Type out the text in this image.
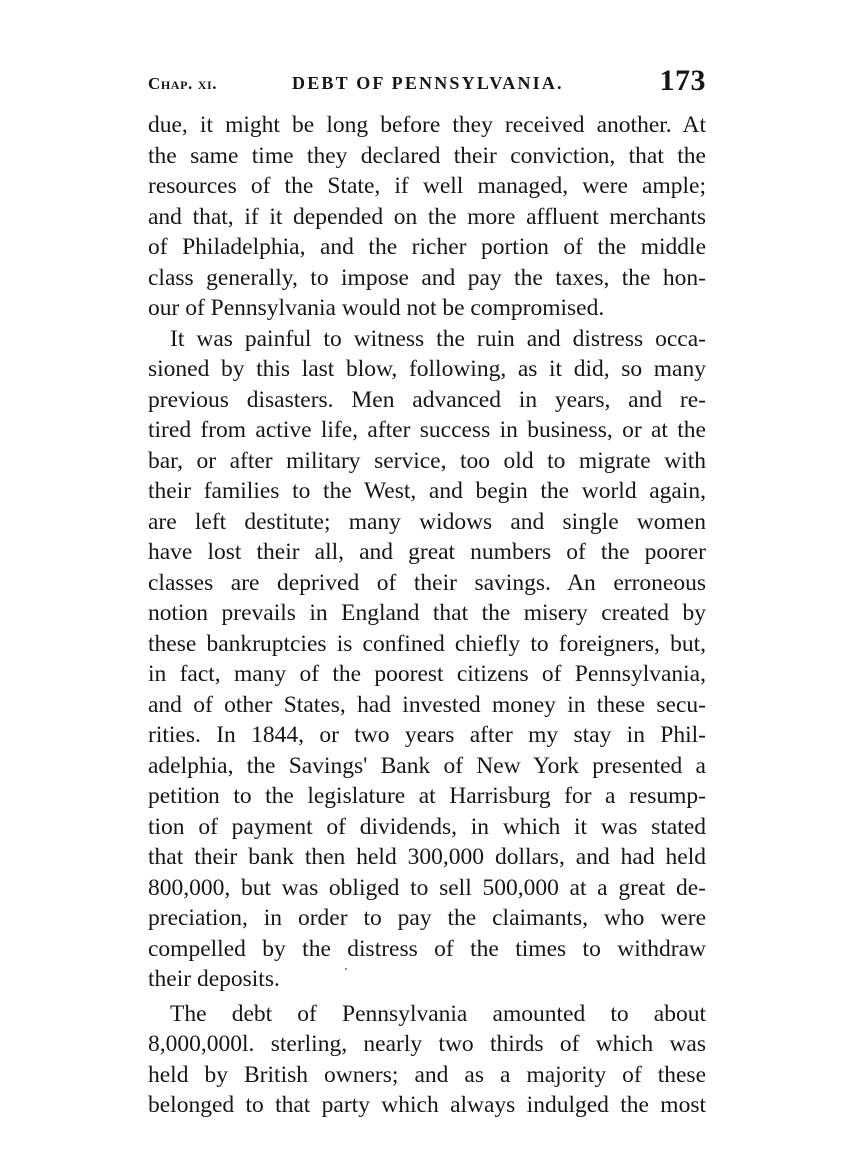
Chap. xi.	DEBT OF PENNSYLVANIA.	173
due, it might be long before they received another. At
the same time they declared their conviction, that the
resources of the State, if well managed, were ample;
and that, if it depended on the more affluent merchants
of Philadelphia, and the richer portion of the middle
class generally, to impose and pay the taxes, the hon-
our of Pennsylvania would not be compromised.
It was painful to witness the ruin and distress occa-
sioned by this last blow, following, as it did, so many
previous disasters. Men advanced in years, and re-
tired from active life, after success in business, or at the
bar, or after military service, too old to migrate with
their families to the West, and begin the world again,
are left destitute; many widows and single women
have lost their all, and great numbers of the poorer
classes are deprived of their savings. An erroneous
notion prevails in England that the misery created by
these bankruptcies is confined chiefly to foreigners, but,
in fact, many of the poorest citizens of Pennsylvania,
and of other States, had invested money in these secu-
rities. In 1844, or two years after my stay in Phil-
adelphia, the Savings' Bank of New York presented a
petition to the legislature at Harrisburg for a resump-
tion of payment of dividends, in which it was stated
that their bank then held 300,000 dollars, and had held
800,000, but was obliged to sell 500,000 at a great de-
preciation, in order to pay the claimants, who were
compelled by the distress of the times to withdraw
their deposits.
The debt of Pennsylvania amounted to about
8,000,000l. sterling, nearly two thirds of which was
held by British owners; and as a majority of these
belonged to that party which always indulged the most
